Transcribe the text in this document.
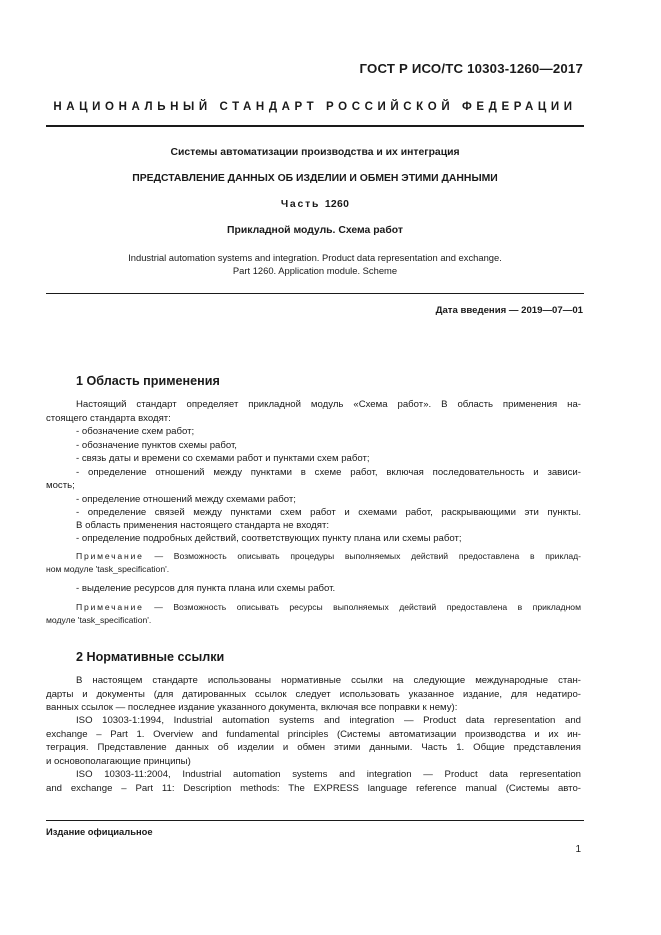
ГОСТ Р ИСО/ТС 10303-1260—2017
НАЦИОНАЛЬНЫЙ СТАНДАРТ РОССИЙСКОЙ ФЕДЕРАЦИИ
Системы автоматизации производства и их интеграция
ПРЕДСТАВЛЕНИЕ ДАННЫХ ОБ ИЗДЕЛИИ И ОБМЕН ЭТИМИ ДАННЫМИ
Часть 1260
Прикладной модуль. Схема работ
Industrial automation systems and integration. Product data representation and exchange.
Part 1260. Application module. Scheme
Дата введения — 2019—07—01
1 Область применения
Настоящий стандарт определяет прикладной модуль «Схема работ». В область применения на-
стоящего стандарта входят:
- обозначение схем работ;
- обозначение пунктов схемы работ,
- связь даты и времени со схемами работ и пунктами схем работ;
- определение отношений между пунктами в схеме работ, включая последовательность и зависи-
мость;
- определение отношений между схемами работ;
- определение связей между пунктами схем работ и схемами работ, раскрывающими эти пункты.
В область применения настоящего стандарта не входят:
- определение подробных действий, соответствующих пункту плана или схемы работ;
Примечание — Возможность описывать процедуры выполняемых действий предоставлена в приклад-
ном модуле 'task_specification'.
- выделение ресурсов для пункта плана или схемы работ.
Примечание — Возможность описывать ресурсы выполняемых действий предоставлена в прикладном
модуле 'task_specification'.
2 Нормативные ссылки
В настоящем стандарте использованы нормативные ссылки на следующие международные стан-
дарты и документы (для датированных ссылок следует использовать указанное издание, для недатиро-
ванных ссылок — последнее издание указанного документа, включая все поправки к нему):
ISO 10303-1:1994, Industrial automation systems and integration — Product data representation and
exchange – Part 1. Overview and fundamental principles (Системы автоматизации производства и их ин-
теграция. Представление данных об изделии и обмен этими данными. Часть 1. Общие представления
и основополагающие принципы)
ISO 10303-11:2004, Industrial automation systems and integration — Product data representation
and exchange – Part 11: Description methods: The EXPRESS language reference manual (Системы авто-
Издание официальное
1
